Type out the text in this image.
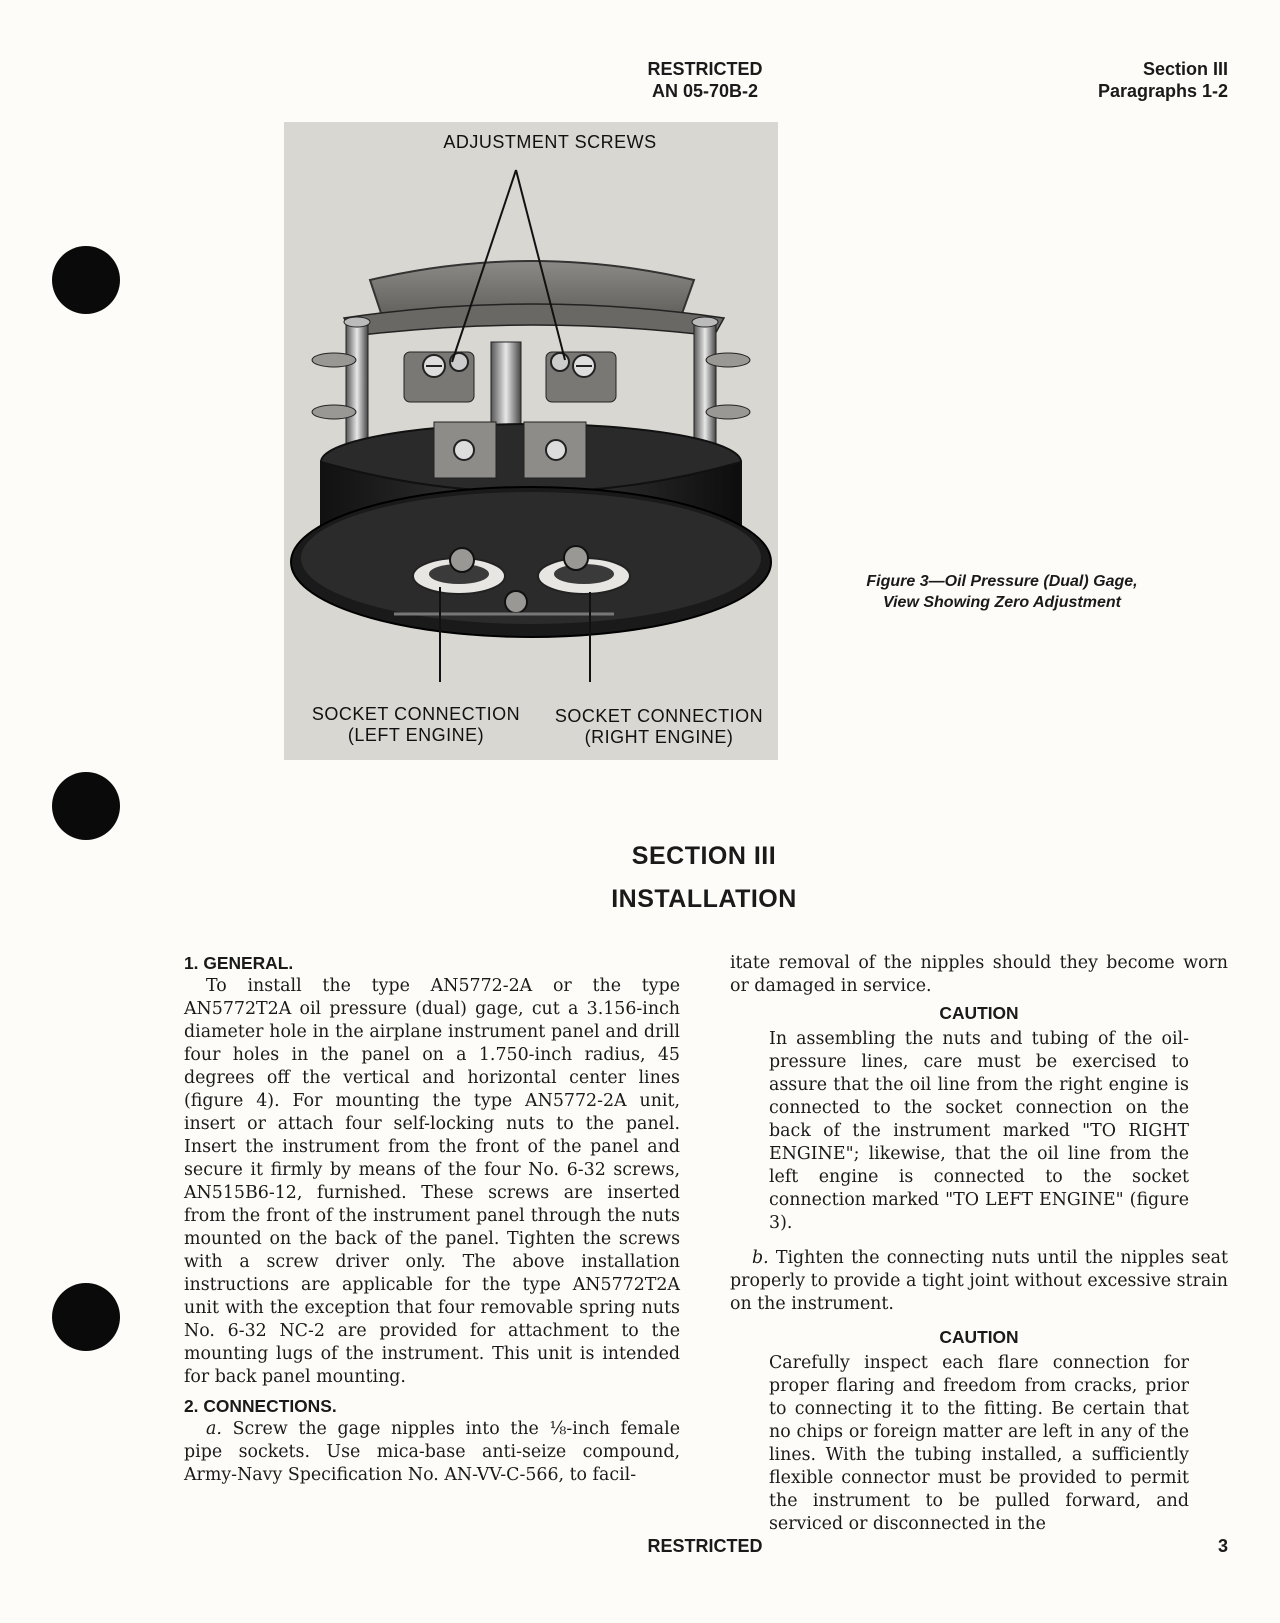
RESTRICTED
AN 05-70B-2
Section III
Paragraphs 1-2
ADJUSTMENT SCREWS
SOCKET CONNECTION
(LEFT ENGINE)
SOCKET CONNECTION
(RIGHT ENGINE)
Figure 3—Oil Pressure (Dual) Gage,
View Showing Zero Adjustment
SECTION III
INSTALLATION
1. GENERAL.

To install the type AN5772-2A or the type AN5772T2A oil pressure (dual) gage, cut a 3.156-inch diameter hole in the airplane instrument panel and drill four holes in the panel on a 1.750-inch radius, 45 degrees off the vertical and horizontal center lines (figure 4). For mounting the type AN5772-2A unit, insert or attach four self-locking nuts to the panel. Insert the instrument from the front of the panel and secure it firmly by means of the four No. 6-32 screws, AN515B6-12, furnished. These screws are inserted from the front of the instrument panel through the nuts mounted on the back of the panel. Tighten the screws with a screw driver only. The above installation instructions are applicable for the type AN5772T2A unit with the exception that four removable spring nuts No. 6-32 NC-2 are provided for attachment to the mounting lugs of the instrument. This unit is intended for back panel mounting.

2. CONNECTIONS.

a. Screw the gage nipples into the ⅛-inch female pipe sockets. Use mica-base anti-seize compound, Army-Navy Specification No. AN-VV-C-566, to facil-

itate removal of the nipples should they become worn or damaged in service.

CAUTION

In assembling the nuts and tubing of the oil-pressure lines, care must be exercised to assure that the oil line from the right engine is connected to the socket connection on the back of the instrument marked "TO RIGHT ENGINE"; likewise, that the oil line from the left engine is connected to the socket connection marked "TO LEFT ENGINE" (figure 3).

b. Tighten the connecting nuts until the nipples seat properly to provide a tight joint without excessive strain on the instrument.

CAUTION

Carefully inspect each flare connection for proper flaring and freedom from cracks, prior to connecting it to the fitting. Be certain that no chips or foreign matter are left in any of the lines. With the tubing installed, a sufficiently flexible connector must be provided to permit the instrument to be pulled forward, and serviced or disconnected in the

RESTRICTED	3
